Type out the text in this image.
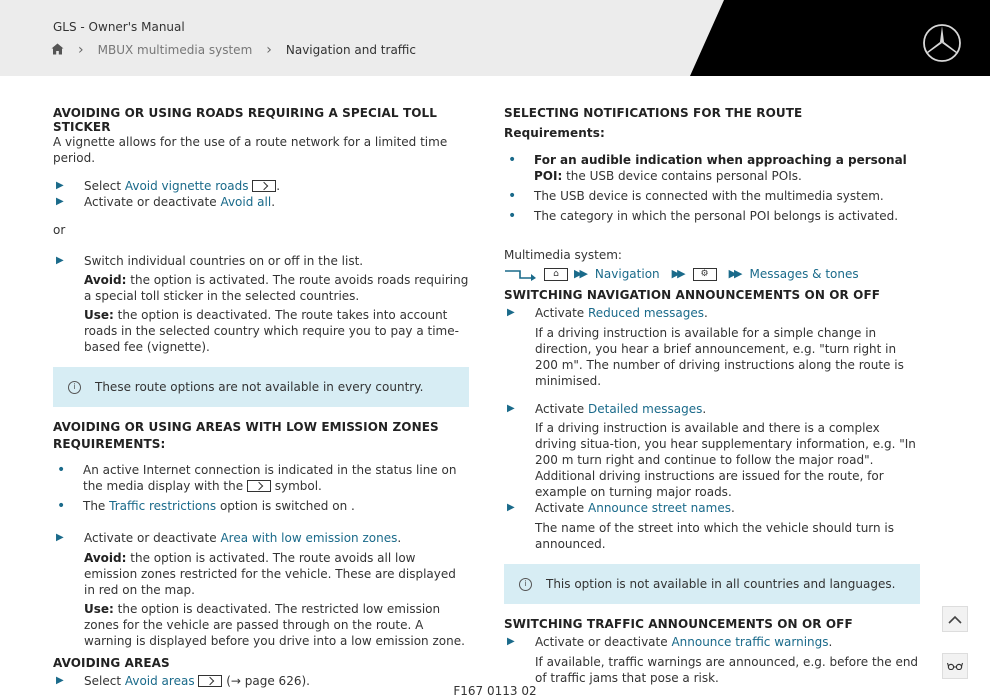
GLS - Owner's Manual
› MBUX multimedia system › Navigation and traffic
AVOIDING OR USING ROADS REQUIRING A SPECIAL TOLL STICKER
A vignette allows for the use of a route network for a limited time period.
▶ Select Avoid vignette roads .
▶ Activate or deactivate Avoid all.
or
▶ Switch individual countries on or off in the list.
Avoid: the option is activated. The route avoids roads requiring a special toll sticker in the selected countries.
Use: the option is deactivated. The route takes into account roads in the selected country which require you to pay a time-based fee (vignette).
i	These route options are not available in every country.
AVOIDING OR USING AREAS WITH LOW EMISSION ZONES
REQUIREMENTS:
• An active Internet connection is indicated in the status line on the media display with the  symbol.
• The Traffic restrictions option is switched on .
▶ Activate or deactivate Area with low emission zones.
Avoid: the option is activated. The route avoids all low emission zones restricted for the vehicle. These are displayed in red on the map.
Use: the option is deactivated. The restricted low emission zones for the vehicle are passed through on the route. A warning is displayed before you drive into a low emission zone.
AVOIDING AREAS
▶ Select Avoid areas  (→ page 626).
SELECTING NOTIFICATIONS FOR THE ROUTE
Requirements:
• For an audible indication when approaching a personal POI: the USB device contains personal POIs.
• The USB device is connected with the multimedia system.
• The category in which the personal POI belongs is activated.
Multimedia system:
⌂	▶▶ Navigation ▶▶	⚙	▶▶ Messages & tones
SWITCHING NAVIGATION ANNOUNCEMENTS ON OR OFF
▶ Activate Reduced messages.
If a driving instruction is available for a simple change in direction, you hear a brief announcement, e.g. "turn right in 200 m". The number of driving instructions along the route is minimised.
▶ Activate Detailed messages.
If a driving instruction is available and there is a complex driving situa-tion, you hear supplementary information, e.g. "In 200 m turn right and continue to follow the major road". Additional driving instructions are issued for the route, for example on turning major roads.
▶ Activate Announce street names.
The name of the street into which the vehicle should turn is announced.
i	This option is not available in all countries and languages.
SWITCHING TRAFFIC ANNOUNCEMENTS ON OR OFF
▶ Activate or deactivate Announce traffic warnings.
If available, traffic warnings are announced, e.g. before the end of traffic jams that pose a risk.
F167 0113 02
